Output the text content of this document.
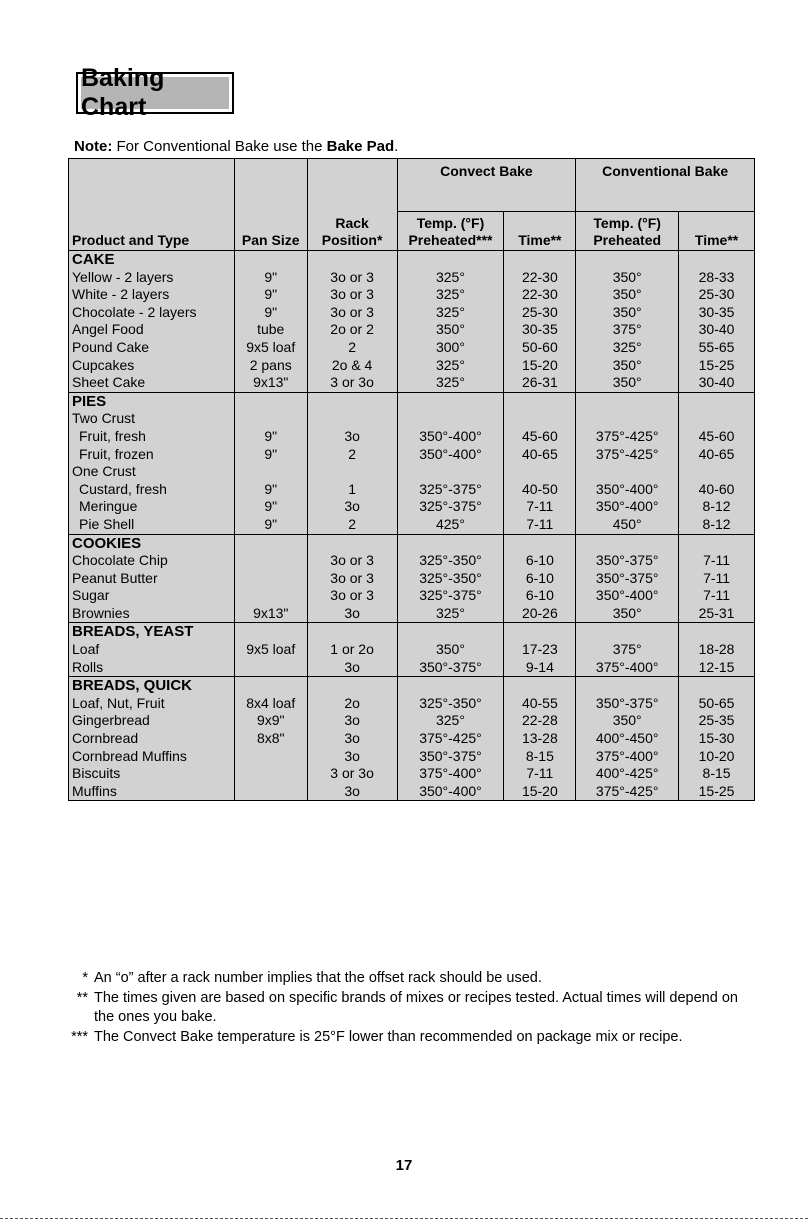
Baking Chart
Note: For Conventional Bake use the Bake Pad.
			Convect Bake		Conventional Bake	
Product and Type	Pan Size	Rack Position*	Temp. (°F) Preheated***	Time**	Temp. (°F) Preheated	Time**
CAKE						
Yellow - 2 layers	9"	3o or 3	325°	22-30	350°	28-33
White - 2 layers	9"	3o or 3	325°	22-30	350°	25-30
Chocolate - 2 layers	9"	3o or 3	325°	25-30	350°	30-35
Angel Food	tube	2o or 2	350°	30-35	375°	30-40
Pound Cake	9x5 loaf	2	300°	50-60	325°	55-65
Cupcakes	2 pans	2o & 4	325°	15-20	350°	15-25
Sheet Cake	9x13"	3 or 3o	325°	26-31	350°	30-40
PIES						
Two Crust						
Fruit, fresh	9"	3o	350°-400°	45-60	375°-425°	45-60
Fruit, frozen	9"	2	350°-400°	40-65	375°-425°	40-65
One Crust						
Custard, fresh	9"	1	325°-375°	40-50	350°-400°	40-60
Meringue	9"	3o	325°-375°	7-11	350°-400°	8-12
Pie Shell	9"	2	425°	7-11	450°	8-12
COOKIES						
Chocolate Chip		3o or 3	325°-350°	6-10	350°-375°	7-11
Peanut Butter		3o or 3	325°-350°	6-10	350°-375°	7-11
Sugar		3o or 3	325°-375°	6-10	350°-400°	7-11
Brownies	9x13"	3o	325°	20-26	350°	25-31
BREADS, YEAST						
Loaf	9x5 loaf	1 or 2o	350°	17-23	375°	18-28
Rolls		3o	350°-375°	9-14	375°-400°	12-15
BREADS, QUICK						
Loaf, Nut, Fruit	8x4 loaf	2o	325°-350°	40-55	350°-375°	50-65
Gingerbread	9x9"	3o	325°	22-28	350°	25-35
Cornbread	8x8"	3o	375°-425°	13-28	400°-450°	15-30
Cornbread Muffins		3o	350°-375°	8-15	375°-400°	10-20
Biscuits		3 or 3o	375°-400°	7-11	400°-425°	8-15
Muffins		3o	350°-400°	15-20	375°-425°	15-25
* An “o” after a rack number implies that the offset rack should be used.
** The times given are based on specific brands of mixes or recipes tested. Actual times will depend on the ones you bake.
*** The Convect Bake temperature is 25°F lower than recommended on package mix or recipe.
17
